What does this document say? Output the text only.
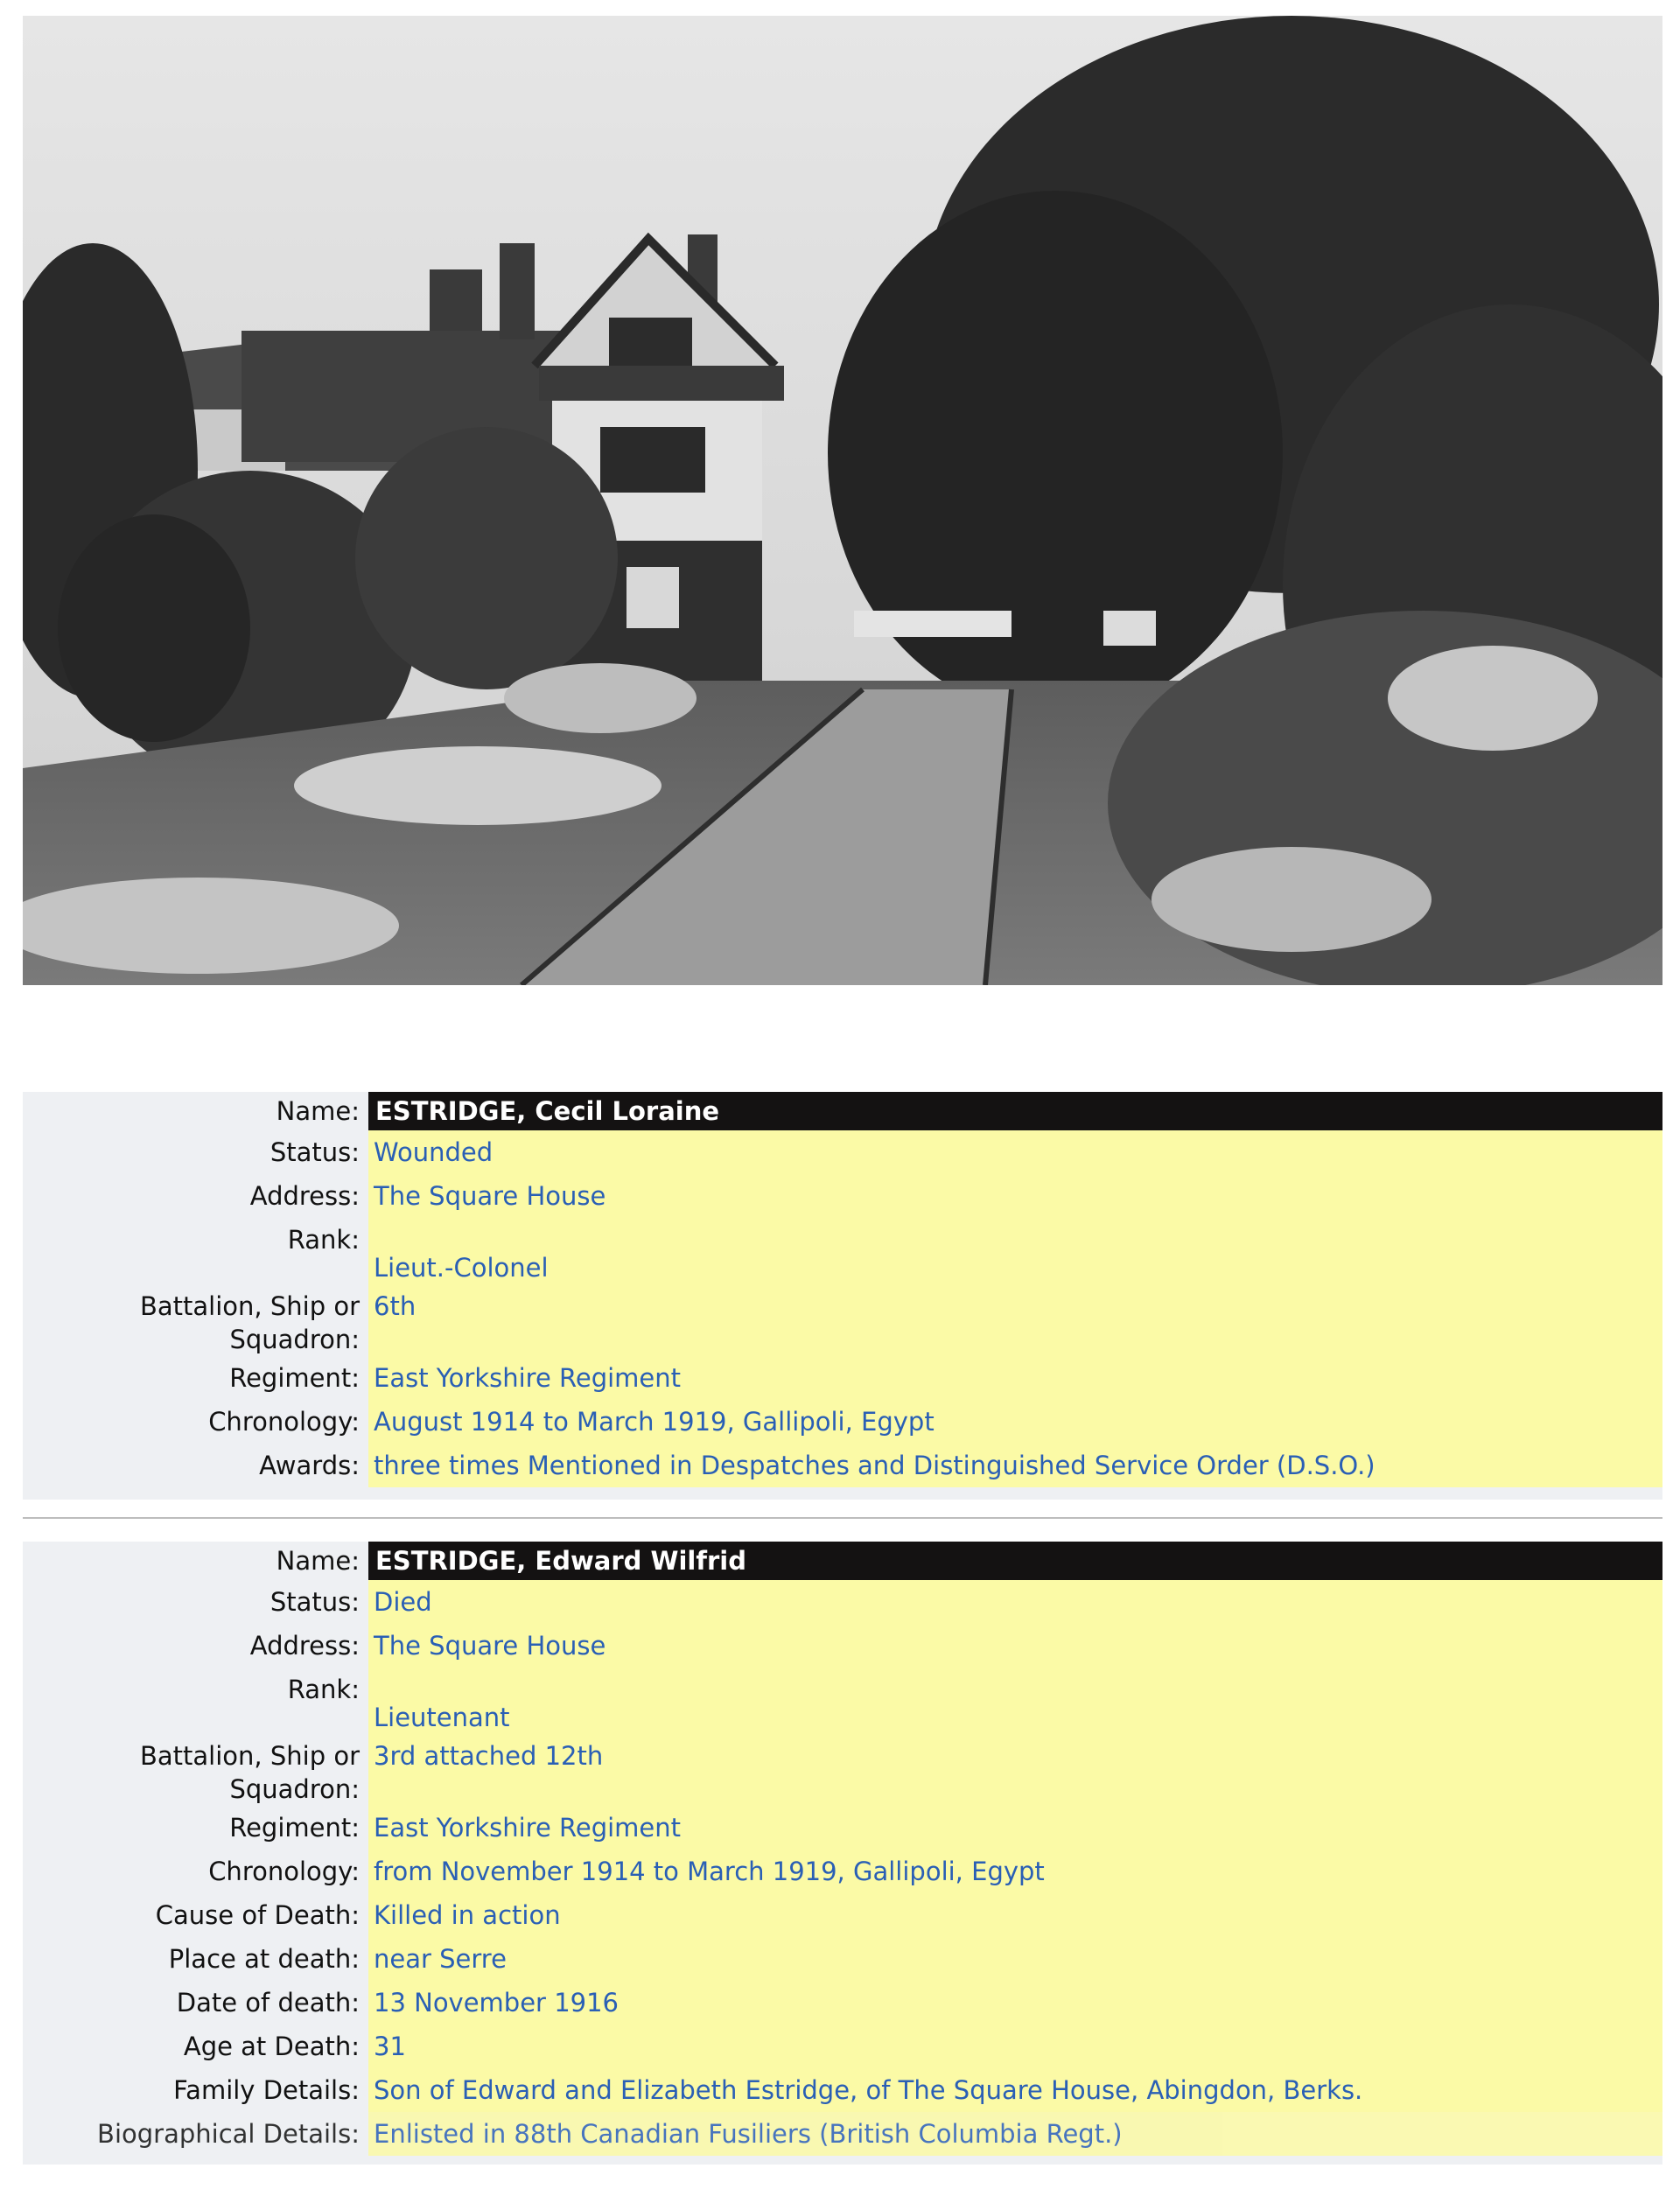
Name: ESTRIDGE, Cecil Loraine
Status: Wounded
Address: The Square House
Rank:
Lieut.-Colonel
Battalion, Ship or
Squadron:
6th
Regiment: East Yorkshire Regiment
Chronology: August 1914 to March 1919, Gallipoli, Egypt
Awards: three times Mentioned in Despatches and Distinguished Service Order (D.S.O.)
Name: ESTRIDGE, Edward Wilfrid
Status: Died
Address: The Square House
Rank:
Lieutenant
Battalion, Ship or
Squadron:
3rd attached 12th
Regiment: East Yorkshire Regiment
Chronology: from November 1914 to March 1919, Gallipoli, Egypt
Cause of Death: Killed in action
Place at death: near Serre
Date of death: 13 November 1916
Age at Death: 31
Family Details: Son of Edward and Elizabeth Estridge, of The Square House, Abingdon, Berks.
Biographical Details: Enlisted in 88th Canadian Fusiliers (British Columbia Regt.)
